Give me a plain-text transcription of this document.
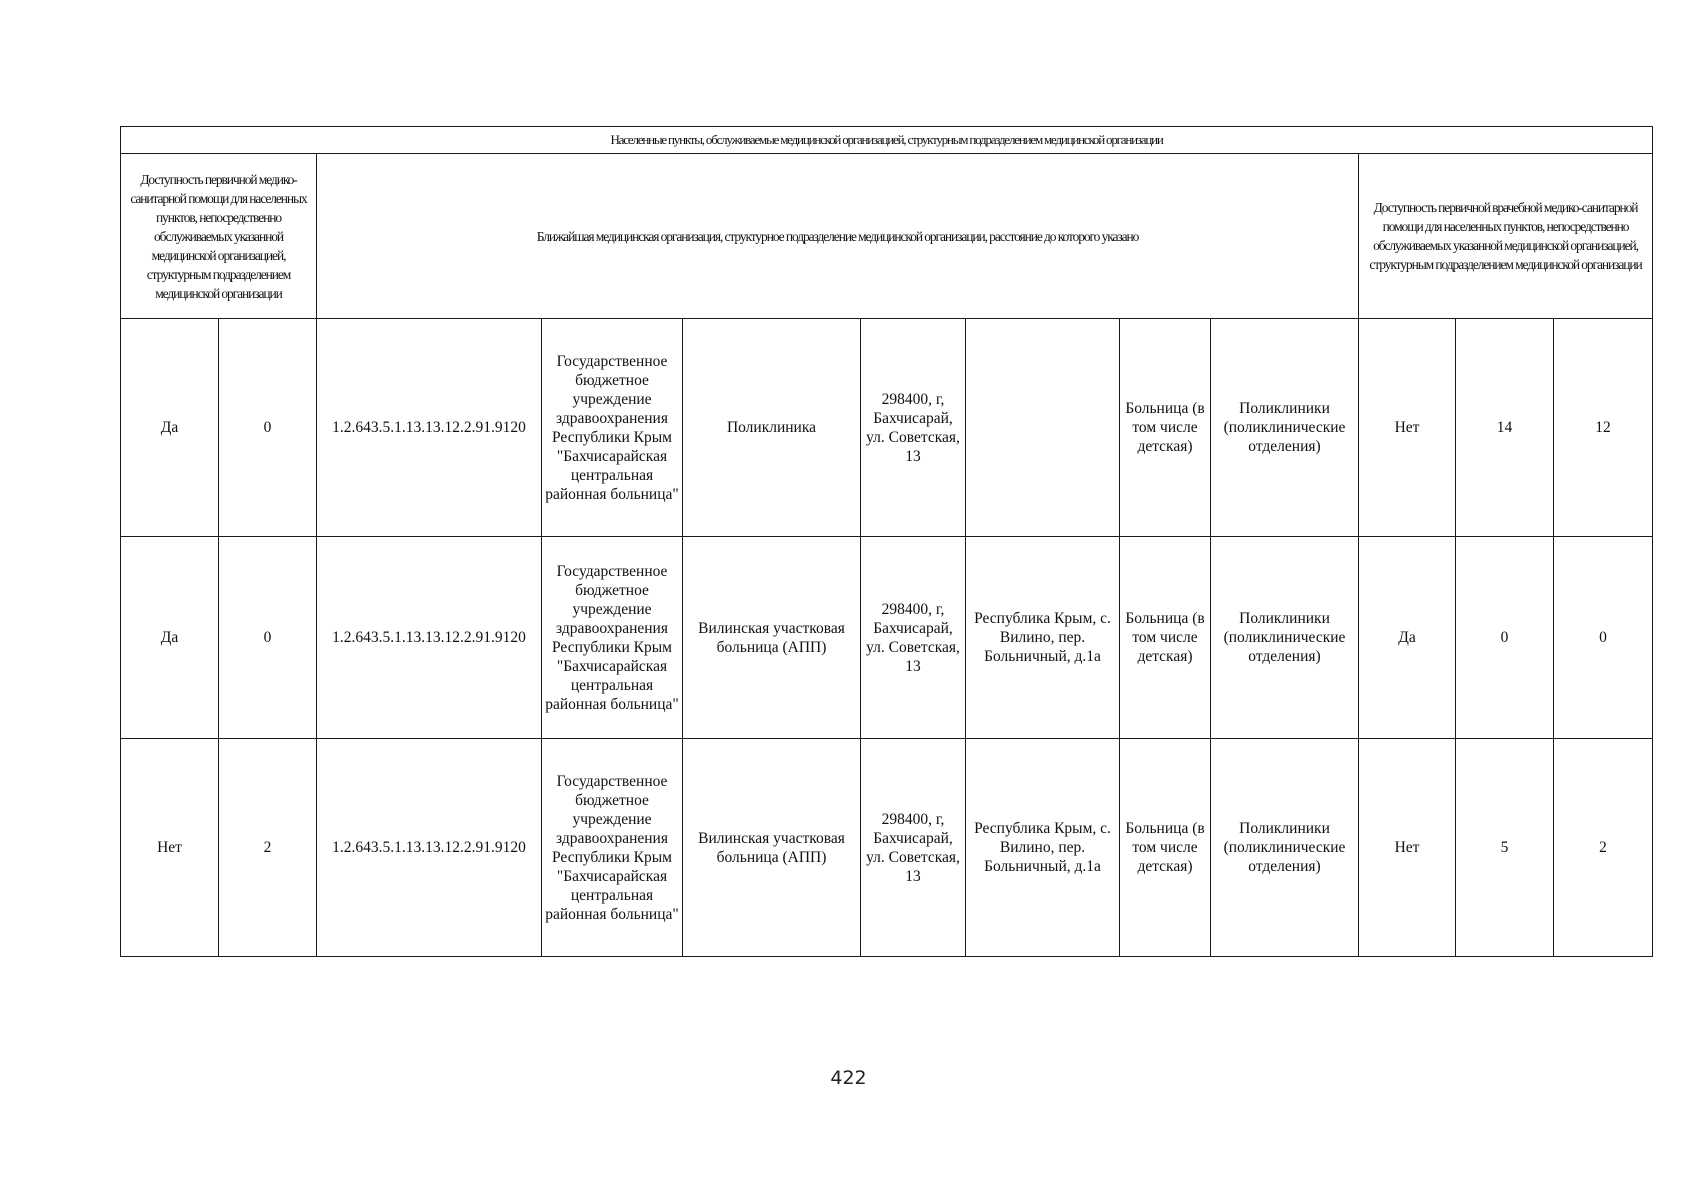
Населенные пункты, обслуживаемые медицинской организацией, структурным подразделением медицинской организации											
Доступность первичной медико-санитарной помощи для населенных пунктов, непосредственно обслуживаемых указанной медицинской организацией, структурным подразделением медицинской организации		Ближайшая медицинская организация, структурное подразделение медицинской организации, расстояние до которого указано							Доступность первичной врачебной медико-санитарной помощи для населенных пунктов, непосредственно обслуживаемых указанной медицинской организацией, структурным подразделением медицинской организации		
Да	0	1.2.643.5.1.13.13.12.2.91.9120	Государственное бюджетное учреждение здравоохранения Республики Крым "Бахчисарайская центральная районная больница"	Поликлиника	298400, г, Бахчисарай, ул. Советская, 13		Больница (в том числе детская)	Поликлиники (поликлинические отделения)	Нет	14	12
Да	0	1.2.643.5.1.13.13.12.2.91.9120	Государственное бюджетное учреждение здравоохранения Республики Крым "Бахчисарайская центральная районная больница"	Вилинская участковая больница (АПП)	298400, г, Бахчисарай, ул. Советская, 13	Республика Крым, с. Вилино, пер. Больничный, д.1а	Больница (в том числе детская)	Поликлиники (поликлинические отделения)	Да	0	0
Нет	2	1.2.643.5.1.13.13.12.2.91.9120	Государственное бюджетное учреждение здравоохранения Республики Крым "Бахчисарайская центральная районная больница"	Вилинская участковая больница (АПП)	298400, г, Бахчисарай, ул. Советская, 13	Республика Крым, с. Вилино, пер. Больничный, д.1а	Больница (в том числе детская)	Поликлиники (поликлинические отделения)	Нет	5	2
422
